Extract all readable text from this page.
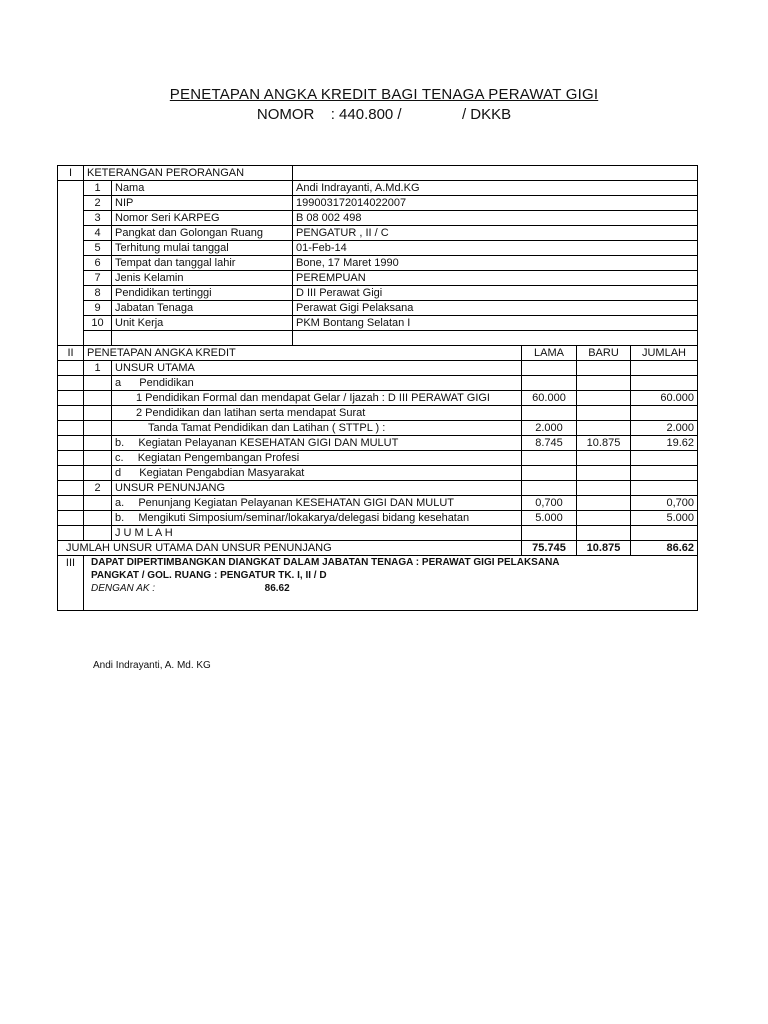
PENETAPAN ANGKA KREDIT BAGI TENAGA PERAWAT GIGI
NOMOR : 440.800 /	/ DKKB
I	KETERANGAN PERORANGAN					
	1	Nama	Andi Indrayanti, A.Md.KG			
	2	NIP	199003172014022007			
	3	Nomor Seri KARPEG	B 08 002 498			
	4	Pangkat dan Golongan Ruang	PENGATUR , II / C			
	5	Terhitung mulai tanggal	01-Feb-14			
	6	Tempat dan tanggal lahir	Bone, 17 Maret 1990			
	7	Jenis Kelamin	PEREMPUAN			
	8	Pendidikan tertinggi	D III Perawat Gigi			
	9	Jabatan Tenaga	Perawat Gigi Pelaksana			
	10	Unit Kerja	PKM Bontang Selatan I			

II	PENETAPAN ANGKA KREDIT			LAMA	BARU	JUMLAH
	1	UNSUR UTAMA				
		a Pendidikan				
		1 Pendidikan Formal dan mendapat Gelar / Ijazah : D III PERAWAT GIGI		60.000		60.000
		2 Pendidikan dan latihan serta mendapat Surat				
		Tanda Tamat Pendidikan dan Latihan ( STTPL ) :		2.000		2.000
		b. Kegiatan Pelayanan KESEHATAN GIGI DAN MULUT		8.745	10.875	19.62
		c. Kegiatan Pengembangan Profesi				
		d Kegiatan Pengabdian Masyarakat				
	2	UNSUR PENUNJANG				
		a. Penunjang Kegiatan Pelayanan KESEHATAN GIGI DAN MULUT		0,700		0,700
		b. Mengikuti Simposium/seminar/lokakarya/delegasi bidang kesehatan		5.000		5.000
		J U M L A H				
JUMLAH UNSUR UTAMA DAN UNSUR PENUNJANG				75.745	10.875	86.62
III	DAPAT DIPERTIMBANGKAN DIANGKAT DALAM JABATAN TENAGA : PERAWAT GIGI PELAKSANA
PANGKAT / GOL. RUANG : PENGATUR TK. I, II / D
DENGAN AK : 86.62					
Andi Indrayanti, A. Md. KG
